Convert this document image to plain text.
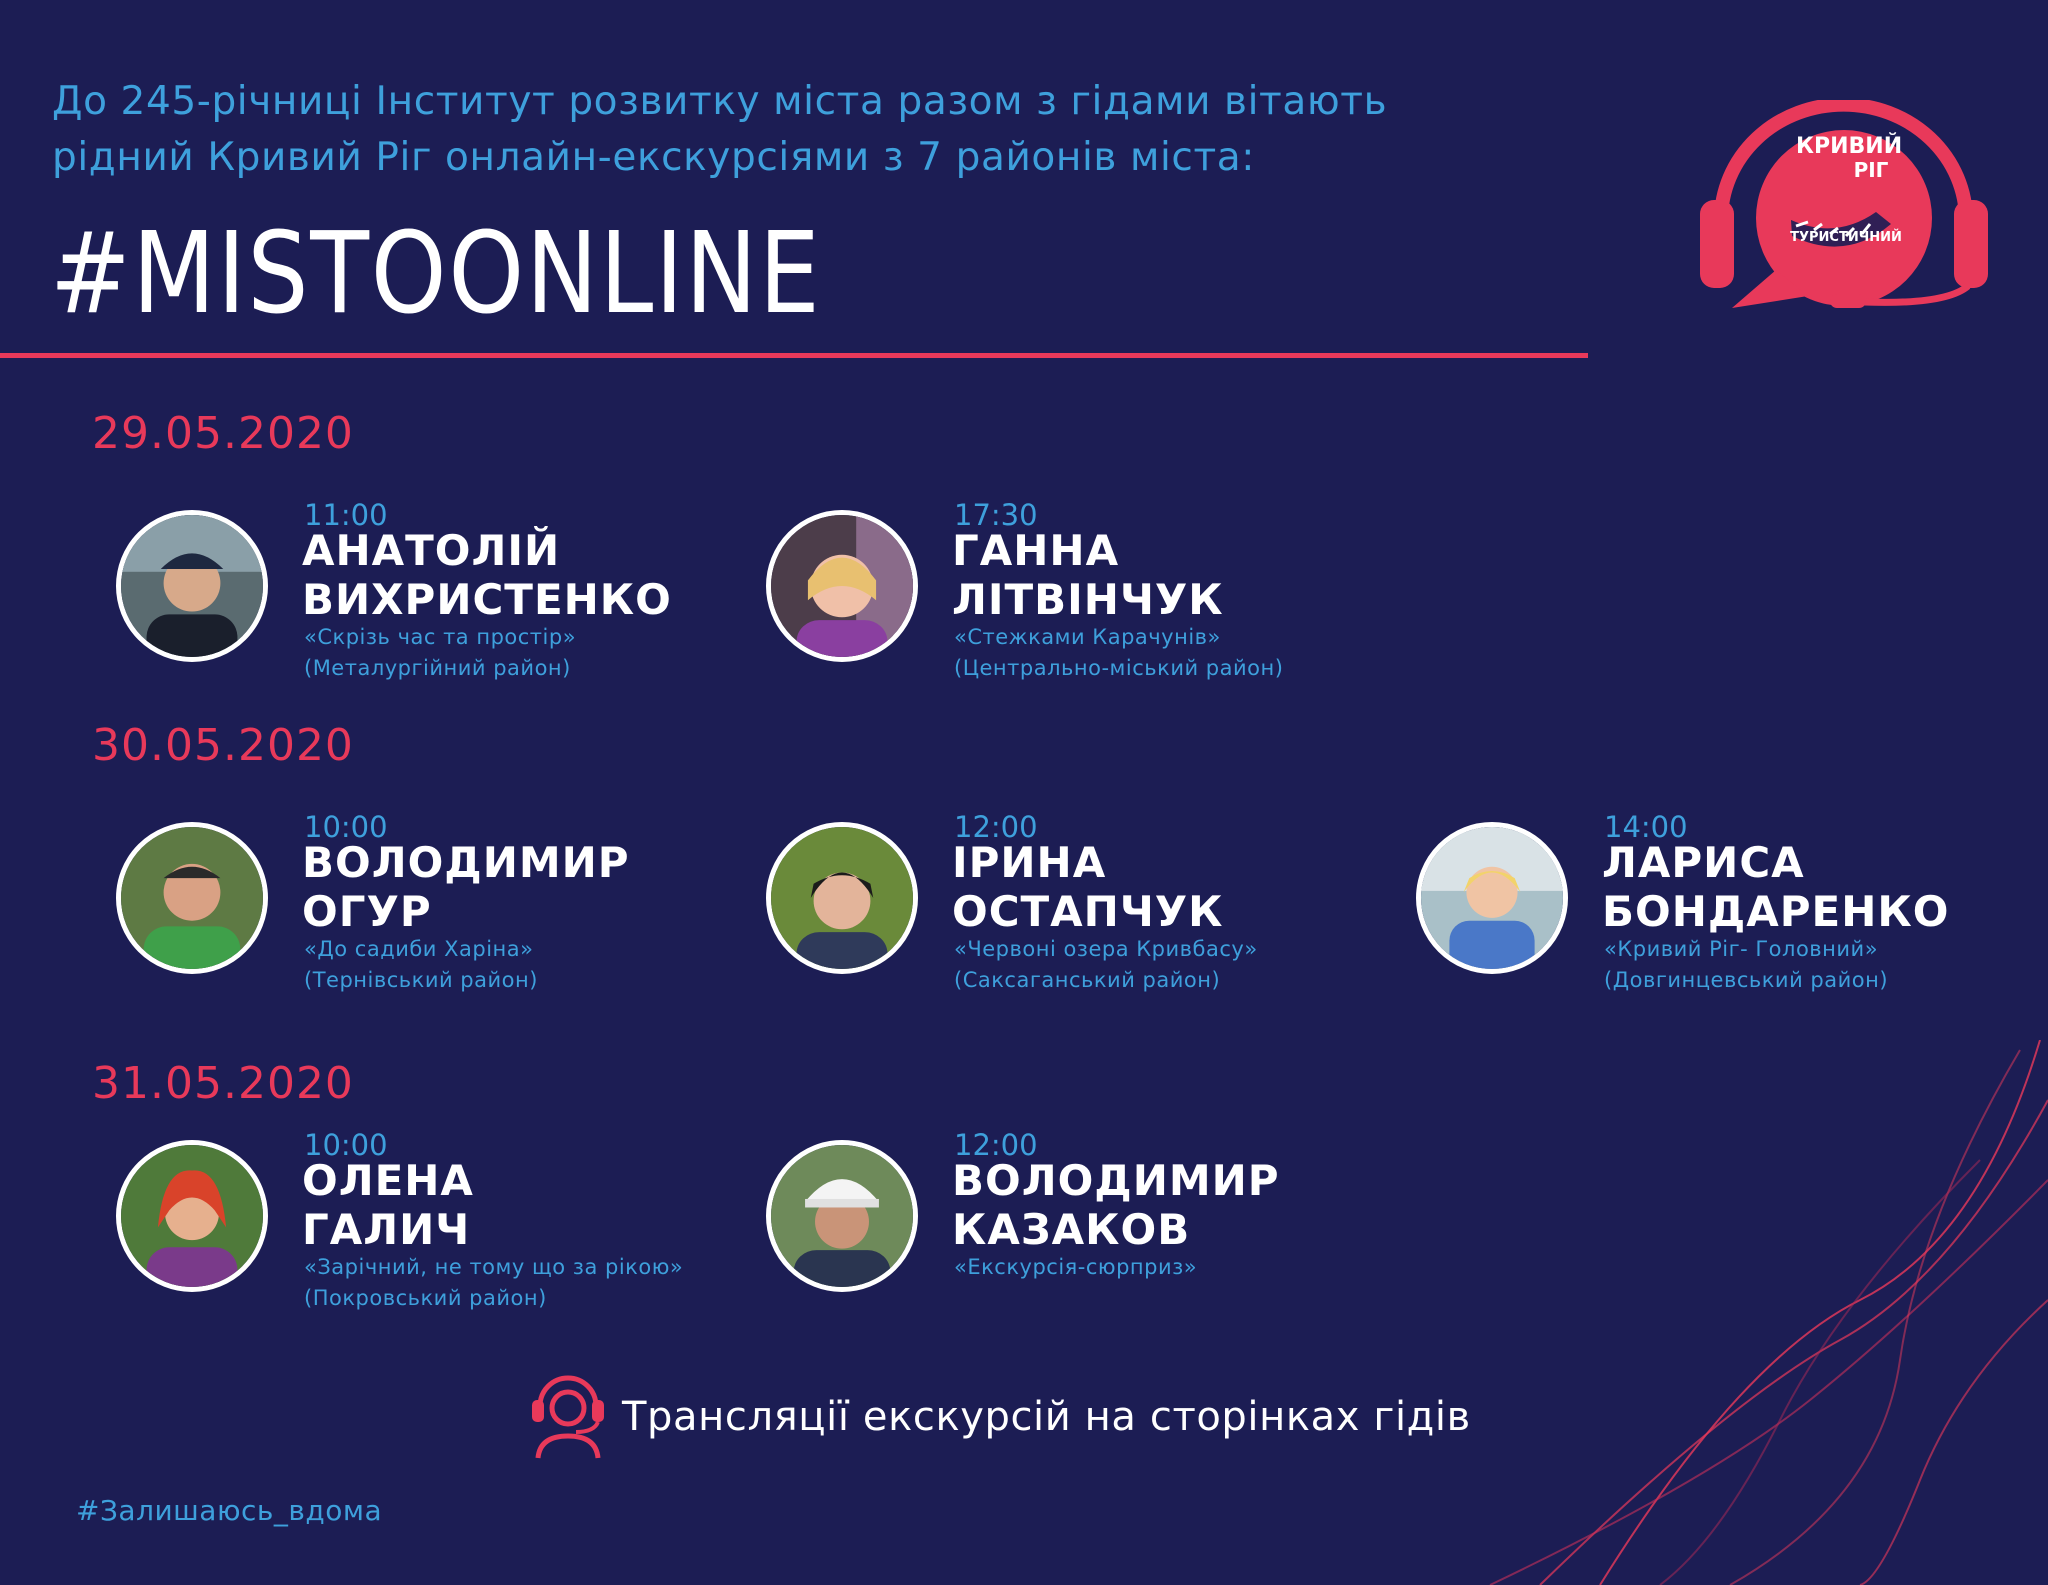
До 245-річниці Інститут розвитку міста разом з гідами вітають
рідний Кривий Ріг онлайн-екскурсіями з 7 районів міста:
#MISTOONLINE
КРИВИЙ
РІГ
ТУРИСТИЧНИЙ
29.05.2020
11:00
АНАТОЛІЙ
ВИХРИСТЕНКО
«Скрізь час та простір»
(Металургійний район)
17:30
ГАННА
ЛІТВІНЧУК
«Стежками Карачунів»
(Центрально-міський район)
30.05.2020
10:00
ВОЛОДИМИР
ОГУР
«До садиби Харіна»
(Тернівський район)
12:00
ІРИНА
ОСТАПЧУК
«Червоні озера Кривбасу»
(Саксаганський район)
14:00
ЛАРИСА
БОНДАРЕНКО
«Кривий Ріг- Головний»
(Довгинцевський район)
31.05.2020
10:00
ОЛЕНА
ГАЛИЧ
«Зарічний, не тому що за рікою»
(Покровський район)
12:00
ВОЛОДИМИР
КАЗАКОВ
«Екскурсія-сюрприз»
Трансляції екскурсій на сторінках гідів
#Залишаюсь_вдома
